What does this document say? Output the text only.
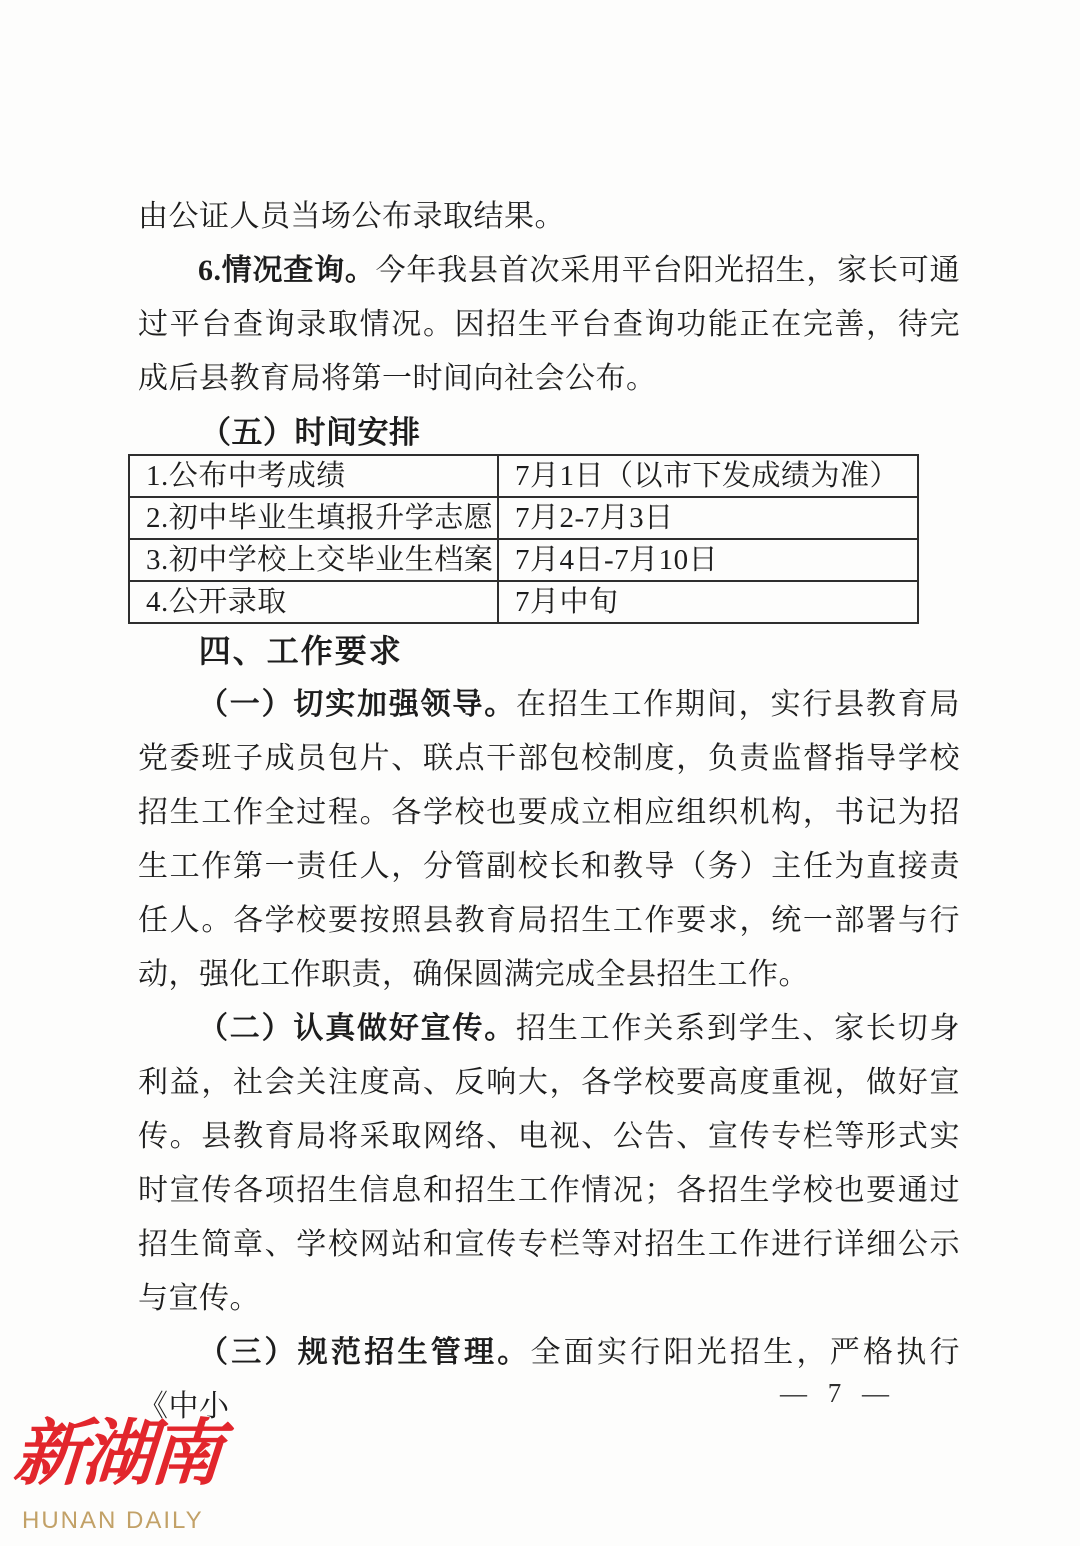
由公证人员当场公布录取结果。

6.情况查询。今年我县首次采用平台阳光招生，家长可通过平台查询录取情况。因招生平台查询功能正在完善，待完成后县教育局将第一时间向社会公布。

（五）时间安排

1.公布中考成绩	7月1日（以市下发成绩为准）
2.初中毕业生填报升学志愿	7月2-7月3日
3.初中学校上交毕业生档案	7月4日-7月10日
4.公开录取	7月中旬

四、工作要求

（一）切实加强领导。在招生工作期间，实行县教育局党委班子成员包片、联点干部包校制度，负责监督指导学校招生工作全过程。各学校也要成立相应组织机构，书记为招生工作第一责任人，分管副校长和教导（务）主任为直接责任人。各学校要按照县教育局招生工作要求，统一部署与行动，强化工作职责，确保圆满完成全县招生工作。

（二）认真做好宣传。招生工作关系到学生、家长切身利益，社会关注度高、反响大，各学校要高度重视，做好宣传。县教育局将采取网络、电视、公告、宣传专栏等形式实时宣传各项招生信息和招生工作情况；各招生学校也要通过招生简章、学校网站和宣传专栏等对招生工作进行详细公示与宣传。

（三）规范招生管理。全面实行阳光招生，严格执行《中小	— 7 —
新湖南
HUNAN DAILY
